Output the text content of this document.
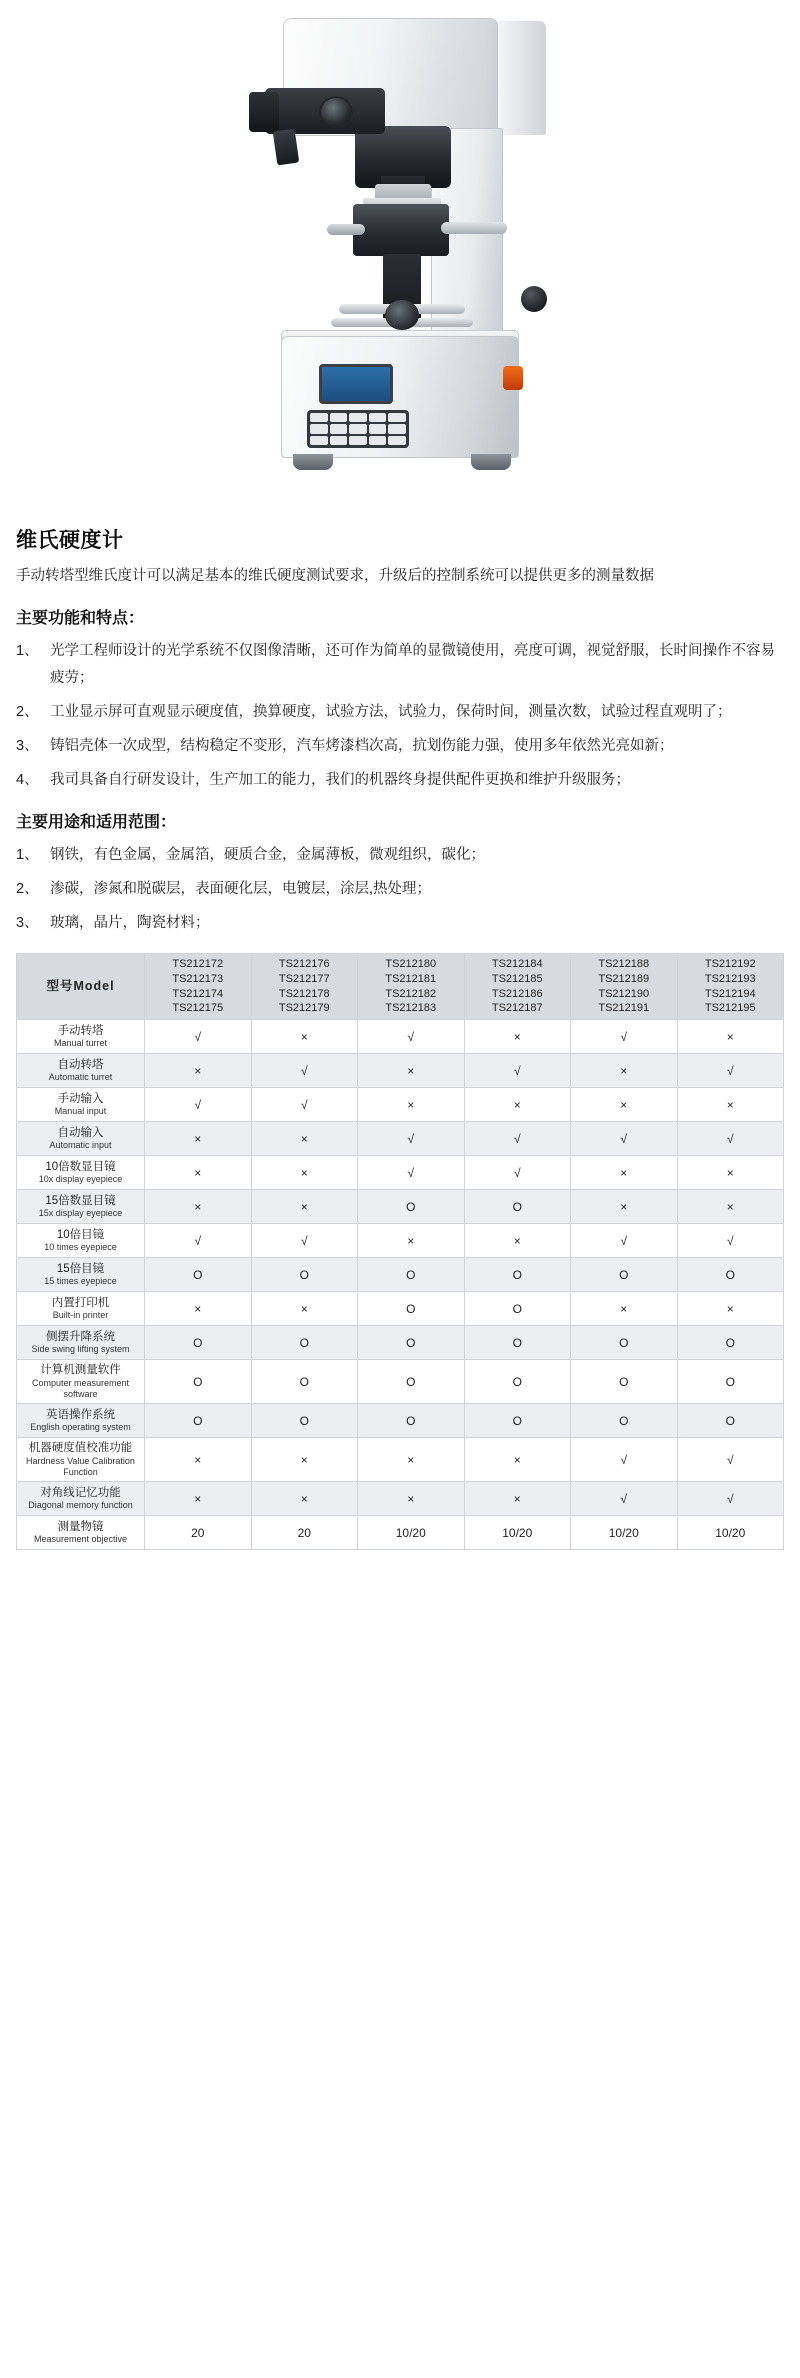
维氏硬度计

手动转塔型维氏度计可以满足基本的维氏硬度测试要求，升级后的控制系统可以提供更多的测量数据

主要功能和特点：
1、 光学工程师设计的光学系统不仅图像清晰，还可作为简单的显微镜使用，亮度可调，视觉舒服，长时间操作不容易疲劳；
2、 工业显示屏可直观显示硬度值，换算硬度，试验方法，试验力，保荷时间，测量次数，试验过程直观明了；
3、 铸铝壳体一次成型，结构稳定不变形，汽车烤漆档次高，抗划伤能力强，使用多年依然光亮如新；
4、 我司具备自行研发设计，生产加工的能力，我们的机器终身提供配件更换和维护升级服务；
主要用途和适用范围：
1、 钢铁，有色金属，金属箔，硬质合金，金属薄板，微观组织，碳化；
2、 渗碳，渗氮和脱碳层，表面硬化层，电镀层，涂层,热处理；
3、 玻璃，晶片，陶瓷材料；
型号Model	TS212172
TS212173
TS212174
TS212175	TS212176
TS212177
TS212178
TS212179	TS212180
TS212181
TS212182
TS212183	TS212184
TS212185
TS212186
TS212187	TS212188
TS212189
TS212190
TS212191	TS212192
TS212193
TS212194
TS212195

手动转塔
Manual turret	√	×	√	×	√	×

自动转塔
Automatic turret	×	√	×	√	×	√

手动输入
Manual input	√	√	×	×	×	×

自动输入
Automatic input	×	×	√	√	√	√

10倍数显目镜
10x display eyepiece	×	×	√	√	×	×

15倍数显目镜
15x display eyepiece	×	×	O	O	×	×

10倍目镜
10 times eyepiece	√	√	×	×	√	√

15倍目镜
15 times eyepiece	O	O	O	O	O	O

内置打印机
Built-in printer	×	×	O	O	×	×

侧摆升降系统
Side swing lifting system	O	O	O	O	O	O

计算机测量软件
Computer measurement software	O	O	O	O	O	O

英语操作系统
English operating system	O	O	O	O	O	O

机器硬度值校准功能
Hardness Value Calibration Function	×	×	×	×	√	√

对角线记忆功能
Diagonal memory function	×	×	×	×	√	√

测量物镜
Measurement objective	20	20	10/20	10/20	10/20	10/20
